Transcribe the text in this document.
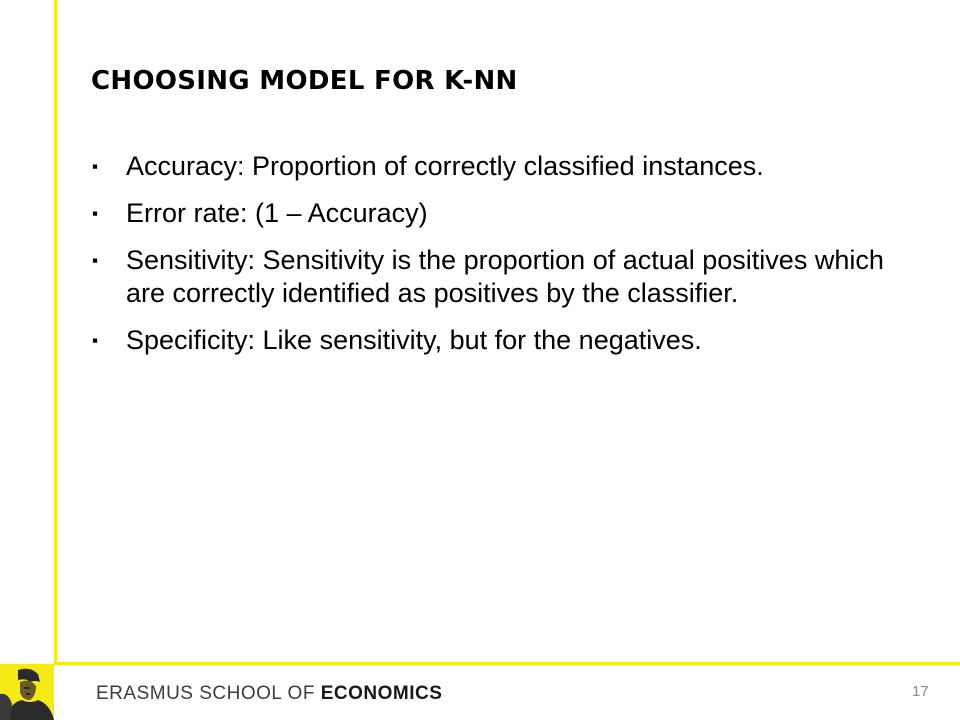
CHOOSING MODEL FOR K-NN
▪ Accuracy: Proportion of correctly classified instances.
▪ Error rate: (1 – Accuracy)
▪ Sensitivity: Sensitivity is the proportion of actual positives which are correctly identified as positives by the classifier.
▪ Specificity: Like sensitivity, but for the negatives.
ERASMUS SCHOOL OF ECONOMICS	17
